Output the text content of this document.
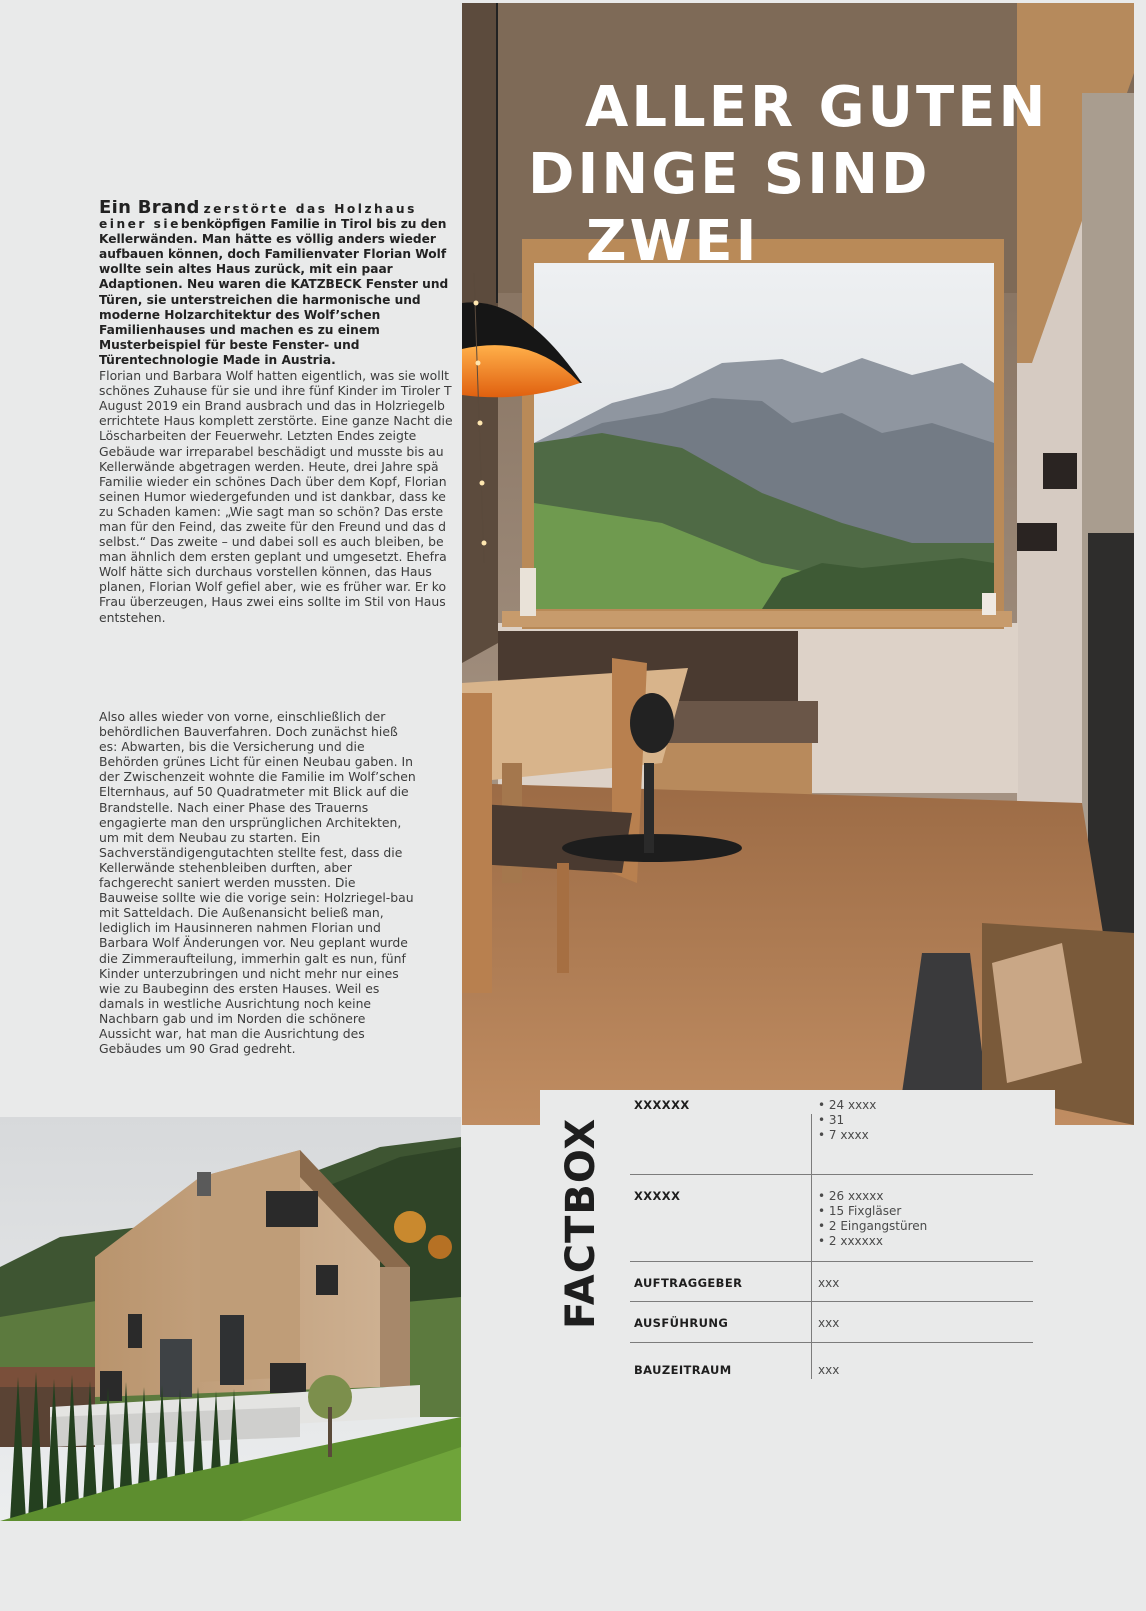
ALLER GUTEN
DINGE SIND
ZWEI
Ein Brand zerstörte das Holzhaus einer siebenköpfigen Familie in Tirol bis zu den Kellerwänden. Man hätte es völlig anders wieder aufbauen können, doch Familienvater Florian Wolf wollte sein altes Haus zurück, mit ein paar Adaptionen. Neu waren die KATZBECK Fenster und Türen, sie unterstreichen die harmonische und moderne Holzarchitektur des Wolf’schen Familienhauses und machen es zu einem Musterbeispiel für beste Fenster- und Türentechnologie Made in Austria.
Florian und Barbara Wolf hatten eigentlich, was sie wollt schönes Zuhause für sie und ihre fünf Kinder im Tiroler T August 2019 ein Brand ausbrach und das in Holzriegelb errichtete Haus komplett zerstörte. Eine ganze Nacht die Löscharbeiten der Feuerwehr. Letzten Endes zeigte Gebäude war irreparabel beschädigt und musste bis au Kellerwände abgetragen werden. Heute, drei Jahre spä Familie wieder ein schönes Dach über dem Kopf, Florian seinen Humor wiedergefunden und ist dankbar, dass ke zu Schaden kamen: „Wie sagt man so schön? Das erste man für den Feind, das zweite für den Freund und das d selbst.“ Das zweite – und dabei soll es auch bleiben, be man ähnlich dem ersten geplant und umgesetzt. Ehefra Wolf hätte sich durchaus vorstellen können, das Haus planen, Florian Wolf gefiel aber, wie es früher war. Er ko Frau überzeugen, Haus zwei eins sollte im Stil von Haus entstehen.
Also alles wieder von vorne, einschließlich der behördlichen Bauverfahren. Doch zunächst hieß es: Abwarten, bis die Versicherung und die Behörden grünes Licht für einen Neubau gaben. In der Zwischenzeit wohnte die Familie im Wolf’schen Elternhaus, auf 50 Quadratmeter mit Blick auf die Brandstelle. Nach einer Phase des Trauerns engagierte man den ursprünglichen Architekten, um mit dem Neubau zu starten. Ein Sachverständigengutachten stellte fest, dass die Kellerwände stehenbleiben durften, aber fachgerecht saniert werden mussten. Die Bauweise sollte wie die vorige sein: Holzriegel-bau mit Satteldach. Die Außenansicht beließ man, lediglich im Hausinneren nahmen Florian und Barbara Wolf Änderungen vor. Neu geplant wurde die Zimmeraufteilung, immerhin galt es nun, fünf Kinder unterzubringen und nicht mehr nur eines wie zu Baubeginn des ersten Hauses. Weil es damals in westliche Ausrichtung noch keine Nachbarn gab und im Norden die schönere Aussicht war, hat man die Ausrichtung des Gebäudes um 90 Grad gedreht.
FACTBOX
XXXXXX	• 24 xxxx
• 31
• 7 xxxx
XXXXX	• 26 xxxxx
• 15 Fixgläser
• 2 Eingangstüren
• 2 xxxxxx
AUFTRAGGEBER	xxx
AUSFÜHRUNG	xxx
BAUZEITRAUM	xxx
